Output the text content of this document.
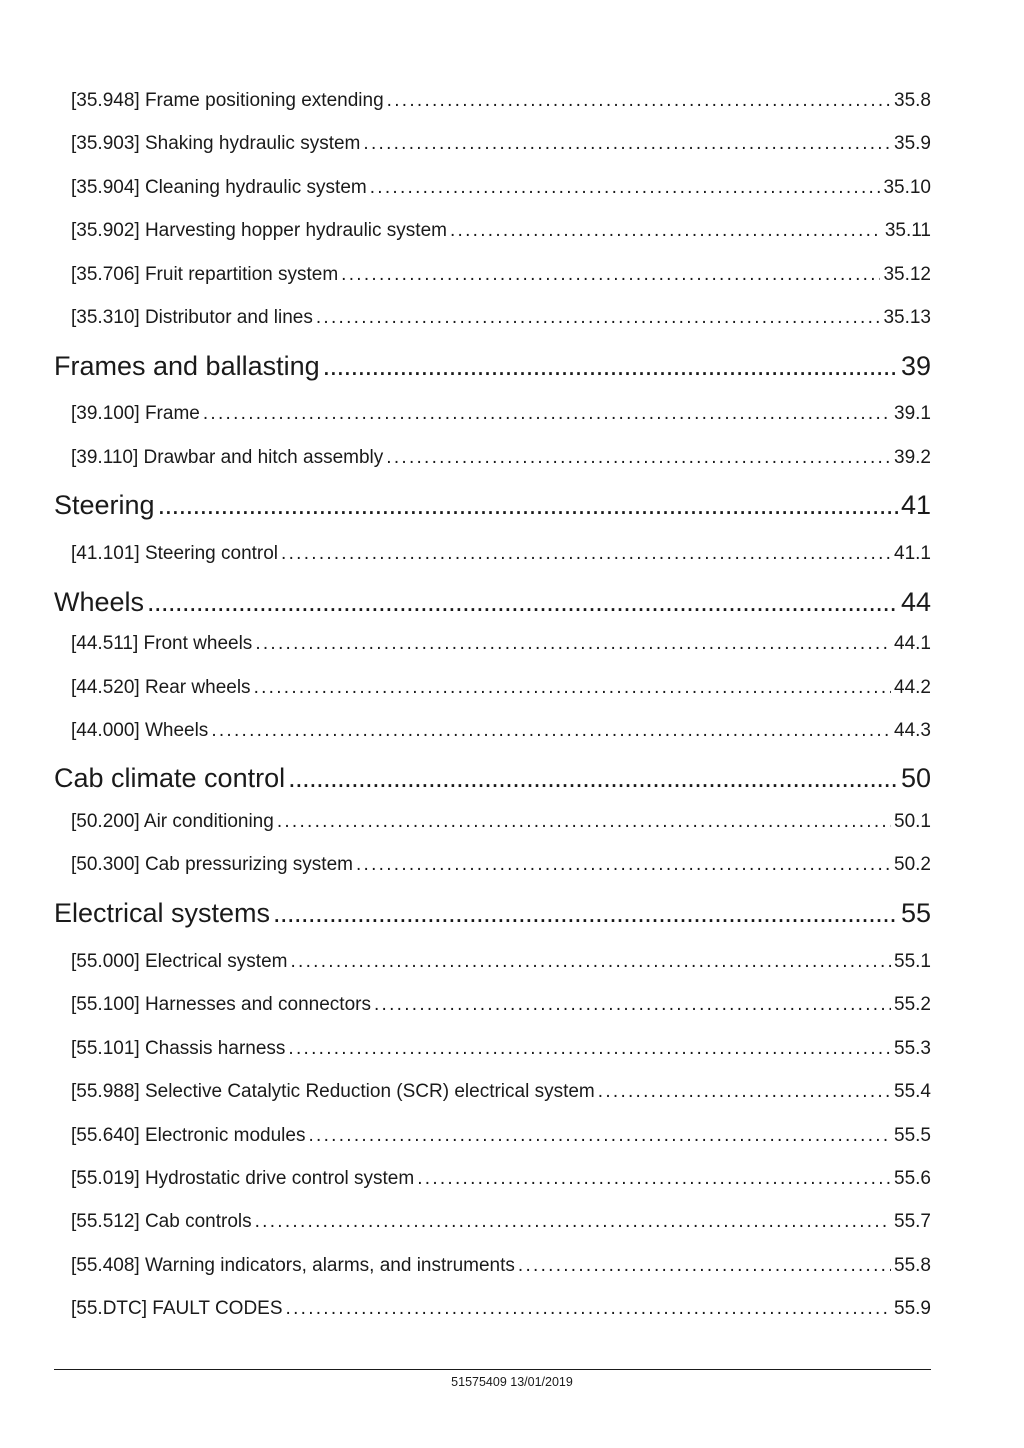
[35.948] Frame positioning extending . . .	35.8
[35.903] Shaking hydraulic system . . .	35.9
[35.904] Cleaning hydraulic system . . .	35.10
[35.902] Harvesting hopper hydraulic system . . .	35.11
[35.706] Fruit repartition system . . .	35.12
[35.310] Distributor and lines . . .	35.13
Frames and ballasting . . .	39
[39.100] Frame . . .	39.1
[39.110] Drawbar and hitch assembly . . .	39.2
Steering . . .	41
[41.101] Steering control . . .	41.1
Wheels . . .	44
[44.511] Front wheels . . .	44.1
[44.520] Rear wheels . . .	44.2
[44.000] Wheels . . .	44.3
Cab climate control . . .	50
[50.200] Air conditioning . . .	50.1
[50.300] Cab pressurizing system . . .	50.2
Electrical systems . . .	55
[55.000] Electrical system . . .	55.1
[55.100] Harnesses and connectors . . .	55.2
[55.101] Chassis harness . . .	55.3
[55.988] Selective Catalytic Reduction (SCR) electrical system . . .	55.4
[55.640] Electronic modules . . .	55.5
[55.019] Hydrostatic drive control system . . .	55.6
[55.512] Cab controls . . .	55.7
[55.408] Warning indicators, alarms, and instruments . . .	55.8
[55.DTC] FAULT CODES . . .	55.9
51575409 13/01/2019
